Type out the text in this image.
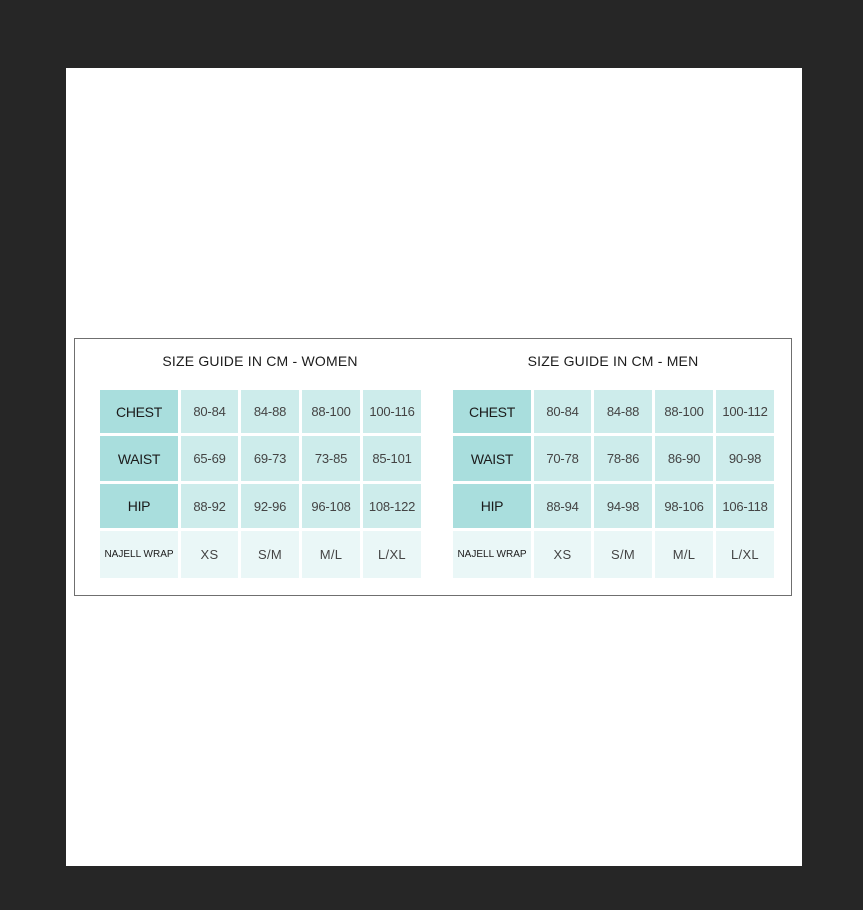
SIZE GUIDE IN CM - WOMEN
CHEST	80-84	84-88	88-100	100-116
WAIST	65-69	69-73	73-85	85-101
HIP	88-92	92-96	96-108	108-122
NAJELL WRAP	XS	S/M	M/L	L/XL
SIZE GUIDE IN CM - MEN
CHEST	80-84	84-88	88-100	100-112
WAIST	70-78	78-86	86-90	90-98
HIP	88-94	94-98	98-106	106-118
NAJELL WRAP	XS	S/M	M/L	L/XL
